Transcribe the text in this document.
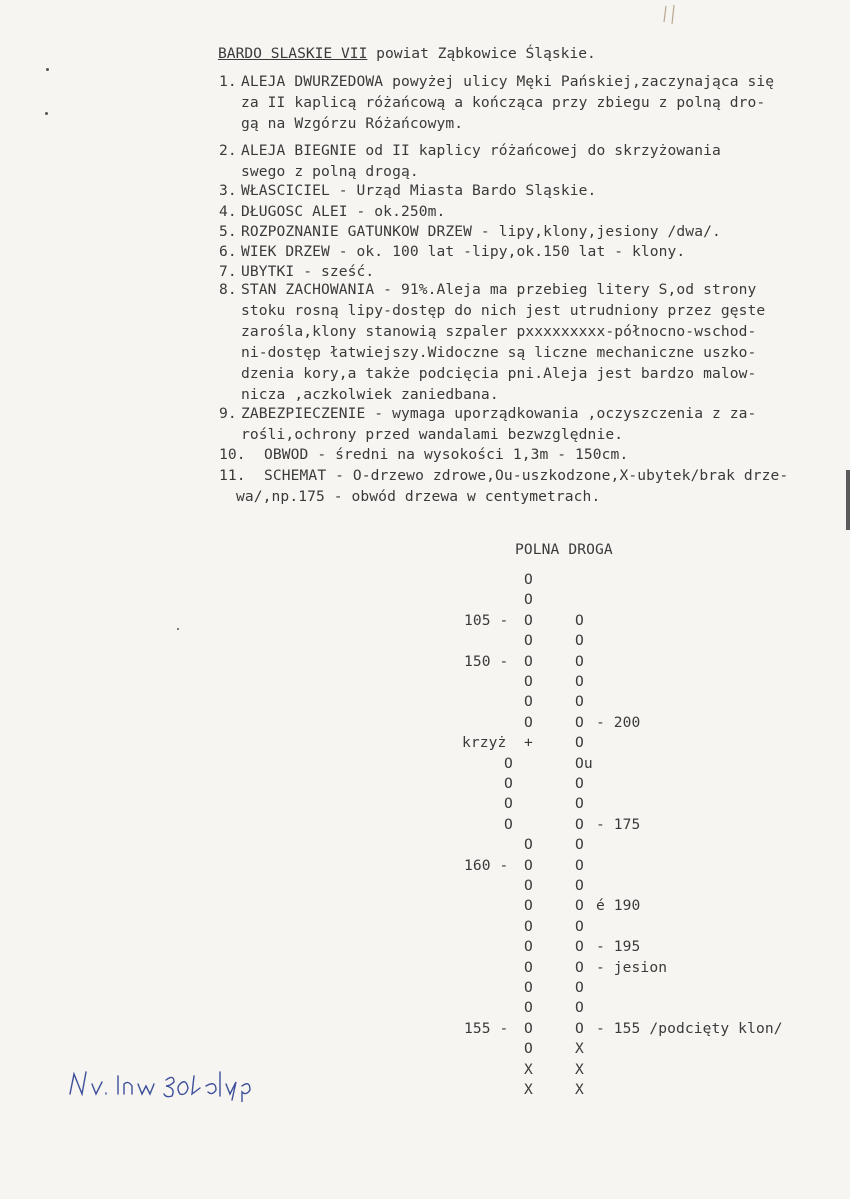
BARDO SLASKIE VII powiat Ząbkowice Śląskie.
1. ALEJA DWURZEDOWA powyżej ulicy Męki Pańskiej,zaczynająca się
za II kaplicą różańcową a kończąca przy zbiegu z polną dro-
gą na Wzgórzu Różańcowym.
2. ALEJA BIEGNIE od II kaplicy różańcowej do skrzyżowania
swego z polną drogą.
3. WŁASCICIEL - Urząd Miasta Bardo Sląskie.
4. DŁUGOSC ALEI - ok.250m.
5. ROZPOZNANIE GATUNKOW DRZEW - lipy,klony,jesiony /dwa/.
6. WIEK DRZEW - ok. 100 lat -lipy,ok.150 lat - klony.
7. UBYTKI - sześć.
8. STAN ZACHOWANIA - 91%.Aleja ma przebieg litery S,od strony
stoku rosną lipy-dostęp do nich jest utrudniony przez gęste
zarośla,klony stanowią szpaler pxxxxxxxxx-północno-wschod-
ni-dostęp łatwiejszy.Widoczne są liczne mechaniczne uszko-
dzenia kory,a także podcięcia pni.Aleja jest bardzo malow-
nicza ,aczkolwiek zaniedbana.
9. ZABEZPIECZENIE - wymaga uporządkowania ,oczyszczenia z za-
rośli,ochrony przed wandalami bezwzględnie.
10. OBWOD - średni na wysokości 1,3m - 150cm.
11. SCHEMAT - O-drzewo zdrowe,Ou-uszkodzone,X-ubytek/brak drze-
wa/,np.175 - obwód drzewa w centymetrach.
POLNA DROGA
O
O
105 - O	O
O	O
150 - O	O
O	O
O	O
O	O - 200
krzyż +	O
O	Ou
O	O
O	O
O	O - 175
O	O
160 - O	O
O	O
O	O é 190
O	O
O	O - 195
O	O - jesion
O	O
O	O
155 - O	O - 155 /podcięty klon/
O	X
X	X
X	X
